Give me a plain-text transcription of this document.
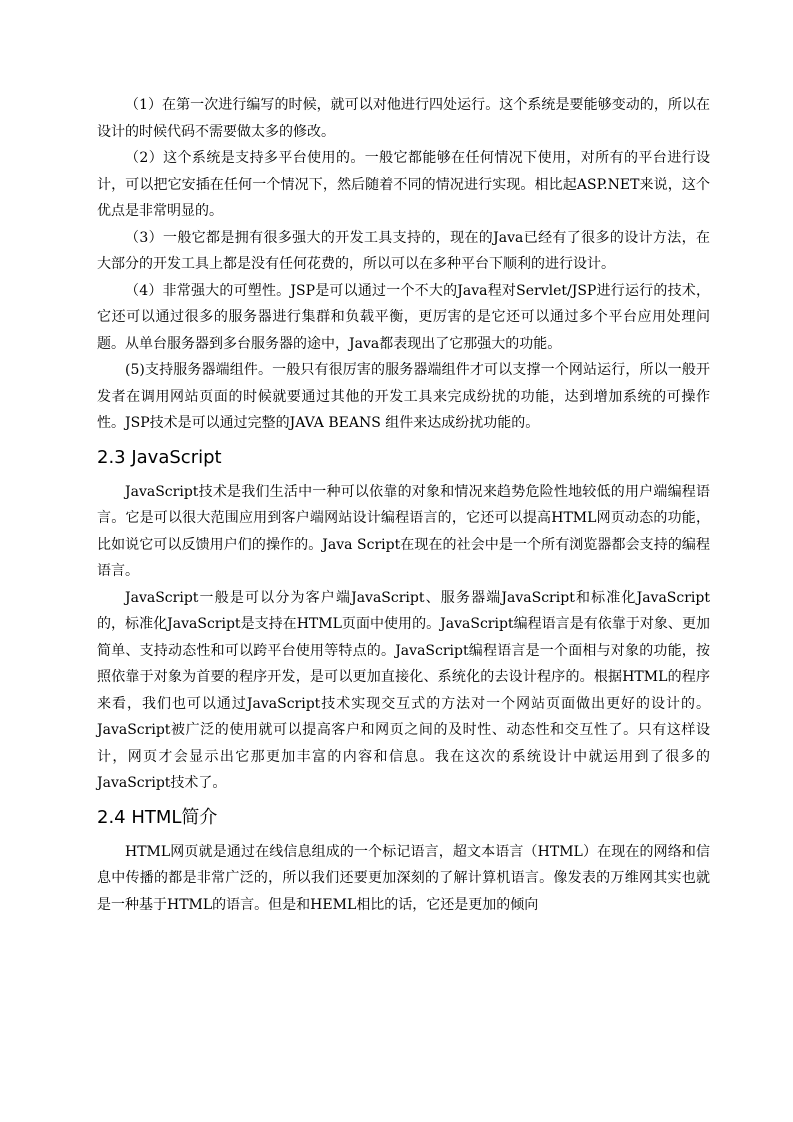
（1）在第一次进行编写的时候，就可以对他进行四处运行。这个系统是要能够变动的，所以在设计的时候代码不需要做太多的修改。

（2）这个系统是支持多平台使用的。一般它都能够在任何情况下使用，对所有的平台进行设计，可以把它安插在任何一个情况下，然后随着不同的情况进行实现。相比起ASP.NET来说，这个优点是非常明显的。

（3）一般它都是拥有很多强大的开发工具支持的，现在的Java已经有了很多的设计方法，在大部分的开发工具上都是没有任何花费的，所以可以在多种平台下顺利的进行设计。

（4）非常强大的可塑性。JSP是可以通过一个不大的Java程对Servlet/JSP进行运行的技术，它还可以通过很多的服务器进行集群和负载平衡，更厉害的是它还可以通过多个平台应用处理问题。从单台服务器到多台服务器的途中，Java都表现出了它那强大的功能。

(5)支持服务器端组件。一般只有很厉害的服务器端组件才可以支撑一个网站运行，所以一般开发者在调用网站页面的时候就要通过其他的开发工具来完成纷扰的功能，达到增加系统的可操作性。JSP技术是可以通过完整的JAVA BEANS 组件来达成纷扰功能的。

2.3 JavaScript

JavaScript技术是我们生活中一种可以依靠的对象和情况来趋势危险性地较低的用户端编程语言。它是可以很大范围应用到客户端网站设计编程语言的，它还可以提高HTML网页动态的功能，比如说它可以反馈用户们的操作的。Java Script在现在的社会中是一个所有浏览器都会支持的编程语言。

JavaScript一般是可以分为客户端JavaScript、服务器端JavaScript和标准化JavaScript的，标准化JavaScript是支持在HTML页面中使用的。JavaScript编程语言是有依靠于对象、更加简单、支持动态性和可以跨平台使用等特点的。JavaScript编程语言是一个面相与对象的功能，按照依靠于对象为首要的程序开发，是可以更加直接化、系统化的去设计程序的。根据HTML的程序来看，我们也可以通过JavaScript技术实现交互式的方法对一个网站页面做出更好的设计的。JavaScript被广泛的使用就可以提高客户和网页之间的及时性、动态性和交互性了。只有这样设计，网页才会显示出它那更加丰富的内容和信息。我在这次的系统设计中就运用到了很多的JavaScript技术了。

2.4 HTML简介

HTML网页就是通过在线信息组成的一个标记语言，超文本语言（HTML）在现在的网络和信息中传播的都是非常广泛的，所以我们还要更加深刻的了解计算机语言。像发表的万维网其实也就是一种基于HTML的语言。但是和HEML相比的话，它还是更加的倾向
